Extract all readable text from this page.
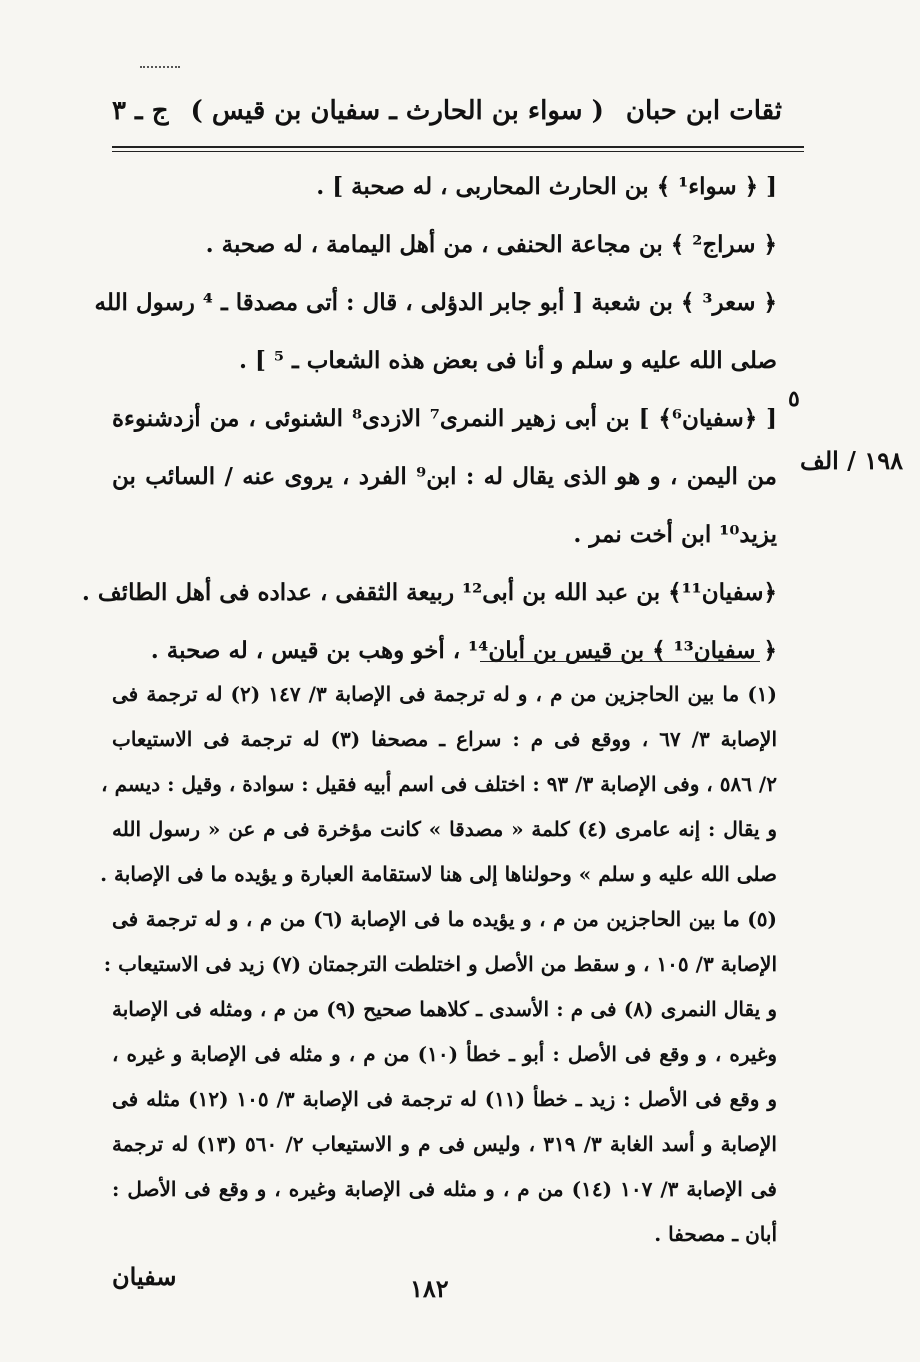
ثقات ابن حبان
( سواء بن الحارث ـ سفيان بن قيس )
ج ـ ٣
[ ﴿ سواء¹ ﴾ بن الحارث المحاربى ، له صحبة ] .
﴿ سراج² ﴾ بن مجاعة الحنفى ، من أهل اليمامة ، له صحبة .
﴿ سعر³ ﴾ بن شعبة [ أبو جابر الدؤلى ، قال : أتى مصدقا ـ ⁴ رسول الله
صلى الله عليه و سلم و أنا فى بعض هذه الشعاب ـ ⁵ ] .
[ ﴿سفيان⁶﴾ ] بن أبى زهير النمرى⁷ الازدى⁸ الشنوئى ، من أزدشنوءة
من اليمن ، و هو الذى يقال له : ابن⁹ الفرد ، يروى عنه / السائب بن
يزيد¹⁰ ابن أخت نمر .
﴿سفيان¹¹﴾ بن عبد الله بن أبى¹² ربيعة الثقفى ، عداده فى أهل الطائف .
﴿ سفيان¹³ ﴾ بن قيس بن أبان¹⁴ ، أخو وهب بن قيس ، له صحبة .
٥
١٩٨ / الف
(١) ما بين الحاجزين من م ، و له ترجمة فى الإصابة ٣/ ١٤٧ (٢) له ترجمة فى
الإصابة ٣/ ٦٧ ، ووقع فى م : سراع ـ مصحفا (٣) له ترجمة فى الاستيعاب
٢/ ٥٨٦ ، وفى الإصابة ٣/ ٩٣ : اختلف فى اسم أبيه فقيل : سوادة ، وقيل : ديسم ،
و يقال : إنه عامرى (٤) كلمة « مصدقا » كانت مؤخرة فى م عن « رسول الله
صلى الله عليه و سلم » وحولناها إلى هنا لاستقامة العبارة و يؤيده ما فى الإصابة .
(٥) ما بين الحاجزين من م ، و يؤيده ما فى الإصابة (٦) من م ، و له ترجمة فى
الإصابة ٣/ ١٠٥ ، و سقط من الأصل و اختلطت الترجمتان (٧) زيد فى الاستيعاب :
و يقال النمرى (٨) فى م : الأسدى ـ كلاهما صحيح (٩) من م ، ومثله فى الإصابة
وغيره ، و وقع فى الأصل : أبو ـ خطأ (١٠) من م ، و مثله فى الإصابة و غيره ،
و وقع فى الأصل : زيد ـ خطأ (١١) له ترجمة فى الإصابة ٣/ ١٠٥ (١٢) مثله فى
الإصابة و أسد الغابة ٣/ ٣١٩ ، وليس فى م و الاستيعاب ٢/ ٥٦٠ (١٣) له ترجمة
فى الإصابة ٣/ ١٠٧ (١٤) من م ، و مثله فى الإصابة وغيره ، و وقع فى الأصل :
أبان ـ مصحفا .
١٨٢
سفيان
